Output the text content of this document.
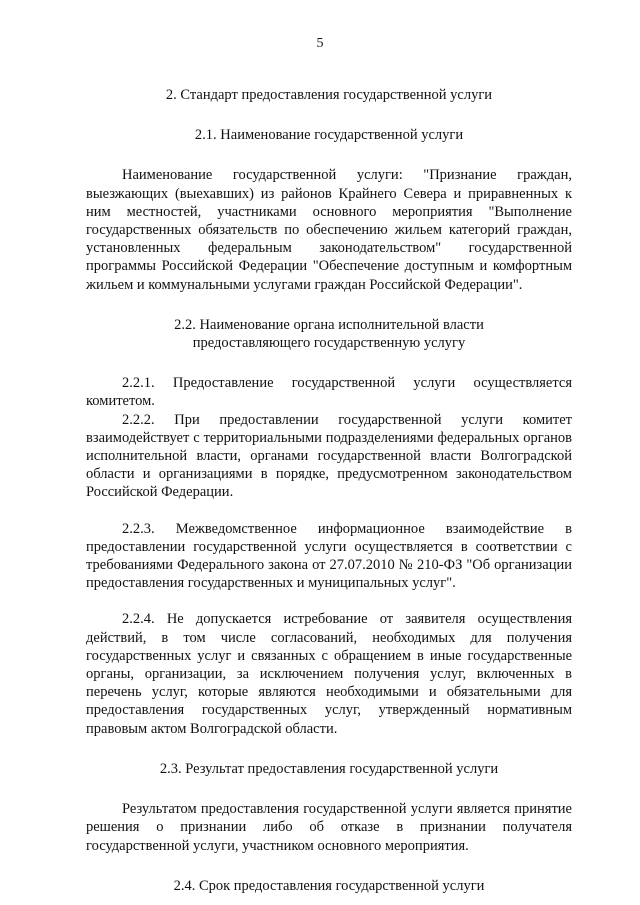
5

2. Стандарт предоставления государственной услуги

2.1. Наименование государственной услуги

Наименование государственной услуги: "Признание граждан, выезжающих (выехавших) из районов Крайнего Севера и приравненных к ним местностей, участниками основного мероприятия "Выполнение государственных обязательств по обеспечению жильем категорий граждан, установленных федеральным законодательством" государственной программы Российской Федерации "Обеспечение доступным и комфортным жильем и коммунальными услугами граждан Российской Федерации".

2.2. Наименование органа исполнительной власти

предоставляющего государственную услугу

2.2.1. Предоставление государственной услуги осуществляется комитетом.

2.2.2. При предоставлении государственной услуги комитет взаимодействует с территориальными подразделениями федеральных органов исполнительной власти, органами государственной власти Волгоградской области и организациями в порядке, предусмотренном законодательством Российской Федерации.

2.2.3. Межведомственное информационное взаимодействие в предоставлении государственной услуги осуществляется в соответствии с требованиями Федерального закона от 27.07.2010 № 210-ФЗ "Об организации предоставления государственных и муниципальных услуг".

2.2.4. Не допускается истребование от заявителя осуществления действий, в том числе согласований, необходимых для получения государственных услуг и связанных с обращением в иные государственные органы, организации, за исключением получения услуг, включенных в перечень услуг, которые являются необходимыми и обязательными для предоставления государственных услуг, утвержденный нормативным правовым актом Волгоградской области.

2.3. Результат предоставления государственной услуги

Результатом предоставления государственной услуги является принятие решения о признании либо об отказе в признании получателя государственной услуги, участником основного мероприятия.

2.4. Срок предоставления государственной услуги
